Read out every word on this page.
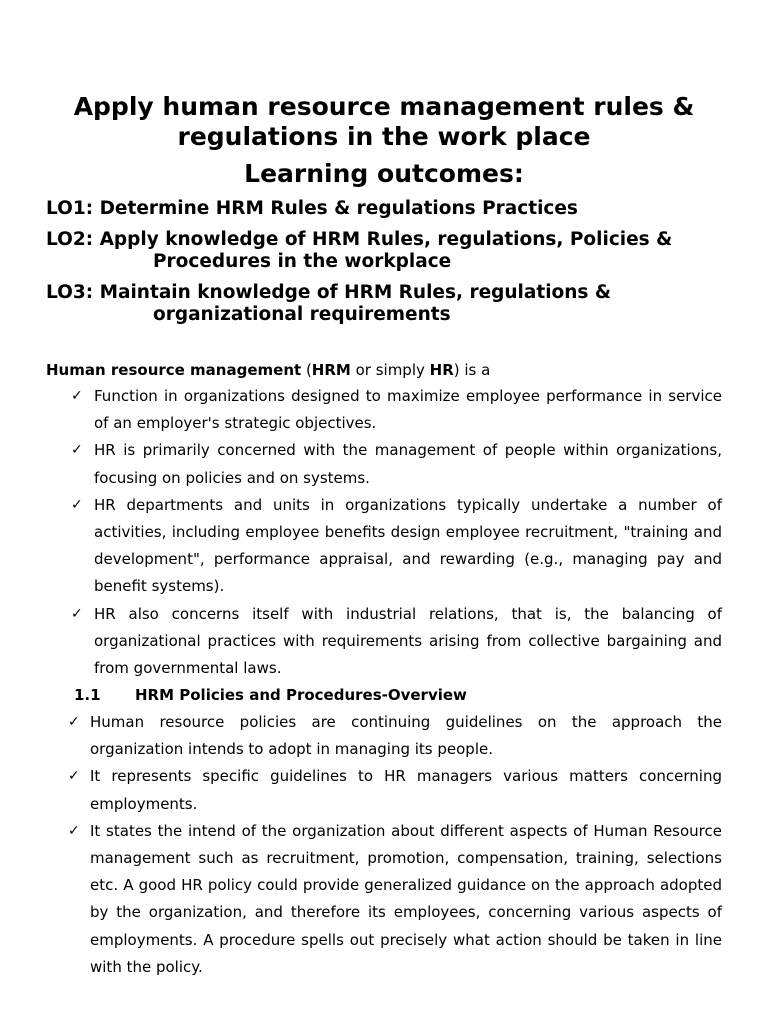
Apply human resource management rules &
regulations in the work place
Learning outcomes:

LO1: Determine HRM Rules & regulations Practices

LO2: Apply knowledge of HRM Rules, regulations, Policies &
Procedures in the workplace

LO3: Maintain knowledge of HRM Rules, regulations &
organizational requirements

Human resource management (HRM or simply HR) is a

✓ Function in organizations designed to maximize employee performance in service of an employer's strategic objectives.
✓ HR is primarily concerned with the management of people within organizations, focusing on policies and on systems.
✓ HR departments and units in organizations typically undertake a number of activities, including employee benefits design employee recruitment, "training and development", performance appraisal, and rewarding (e.g., managing pay and benefit systems).
✓ HR also concerns itself with industrial relations, that is, the balancing of organizational practices with requirements arising from collective bargaining and from governmental laws.

1.1 HRM Policies and Procedures-Overview

✓ Human resource policies are continuing guidelines on the approach the organization intends to adopt in managing its people.
✓ It represents specific guidelines to HR managers various matters concerning employments.
✓ It states the intend of the organization about different aspects of Human Resource management such as recruitment, promotion, compensation, training, selections etc. A good HR policy could provide generalized guidance on the approach adopted by the organization, and therefore its employees, concerning various aspects of employments. A procedure spells out precisely what action should be taken in line with the policy.
